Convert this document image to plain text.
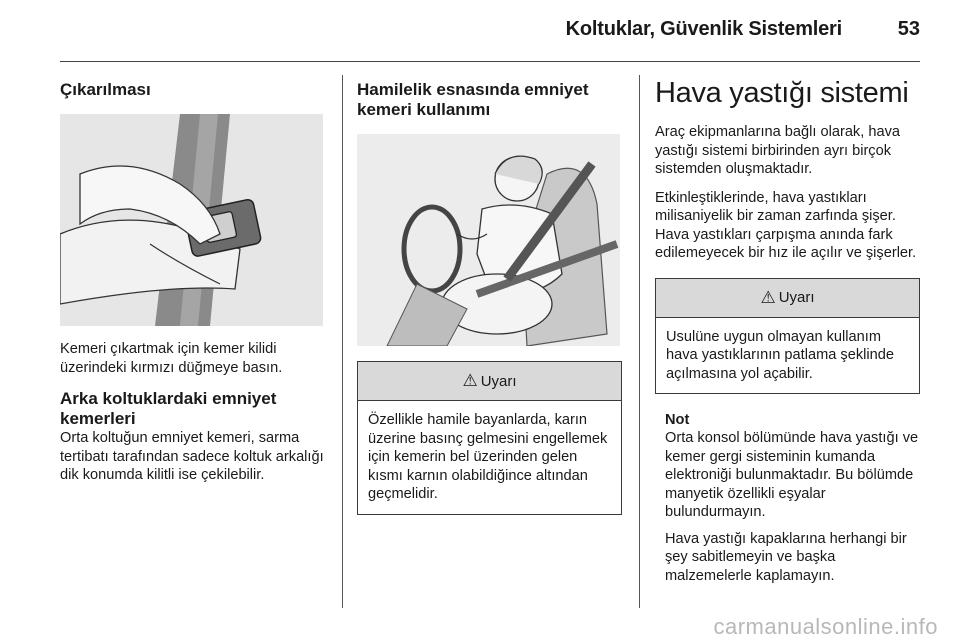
Koltuklar, Güvenlik Sistemleri	53
Çıkarılması

Kemeri çıkartmak için kemer kilidi üzerindeki kırmızı düğmeye basın.

Arka koltuklardaki emniyet kemerleri

Orta koltuğun emniyet kemeri, sarma tertibatı tarafından sadece koltuk arkalığı dik konumda kilitli ise çekilebilir.

Hamilelik esnasında emniyet kemeri kullanımı
⚠ Uyarı

Özellikle hamile bayanlarda, karın üzerine basınç gelmesini engellemek için kemerin bel üzerinden gelen kısmı karnın olabildiğince altından geçmelidir.

Hava yastığı sistemi

Araç ekipmanlarına bağlı olarak, hava yastığı sistemi birbirinden ayrı birçok sistemden oluşmaktadır.

Etkinleştiklerinde, hava yastıkları milisaniyelik bir zaman zarfında şişer. Hava yastıkları çarpışma anında fark edilemeyecek bir hız ile açılır ve şişerler.

⚠ Uyarı

Usulüne uygun olmayan kullanım hava yastıklarının patlama şeklinde açılmasına yol açabilir.

Not

Orta konsol bölümünde hava yastığı ve kemer gergi sisteminin kumanda elektroniği bulunmaktadır. Bu bölümde manyetik özellikli eşyalar bulundurmayın.

Hava yastığı kapaklarına herhangi bir şey sabitlemeyin ve başka malzemelerle kaplamayın.

carmanualsonline.info
